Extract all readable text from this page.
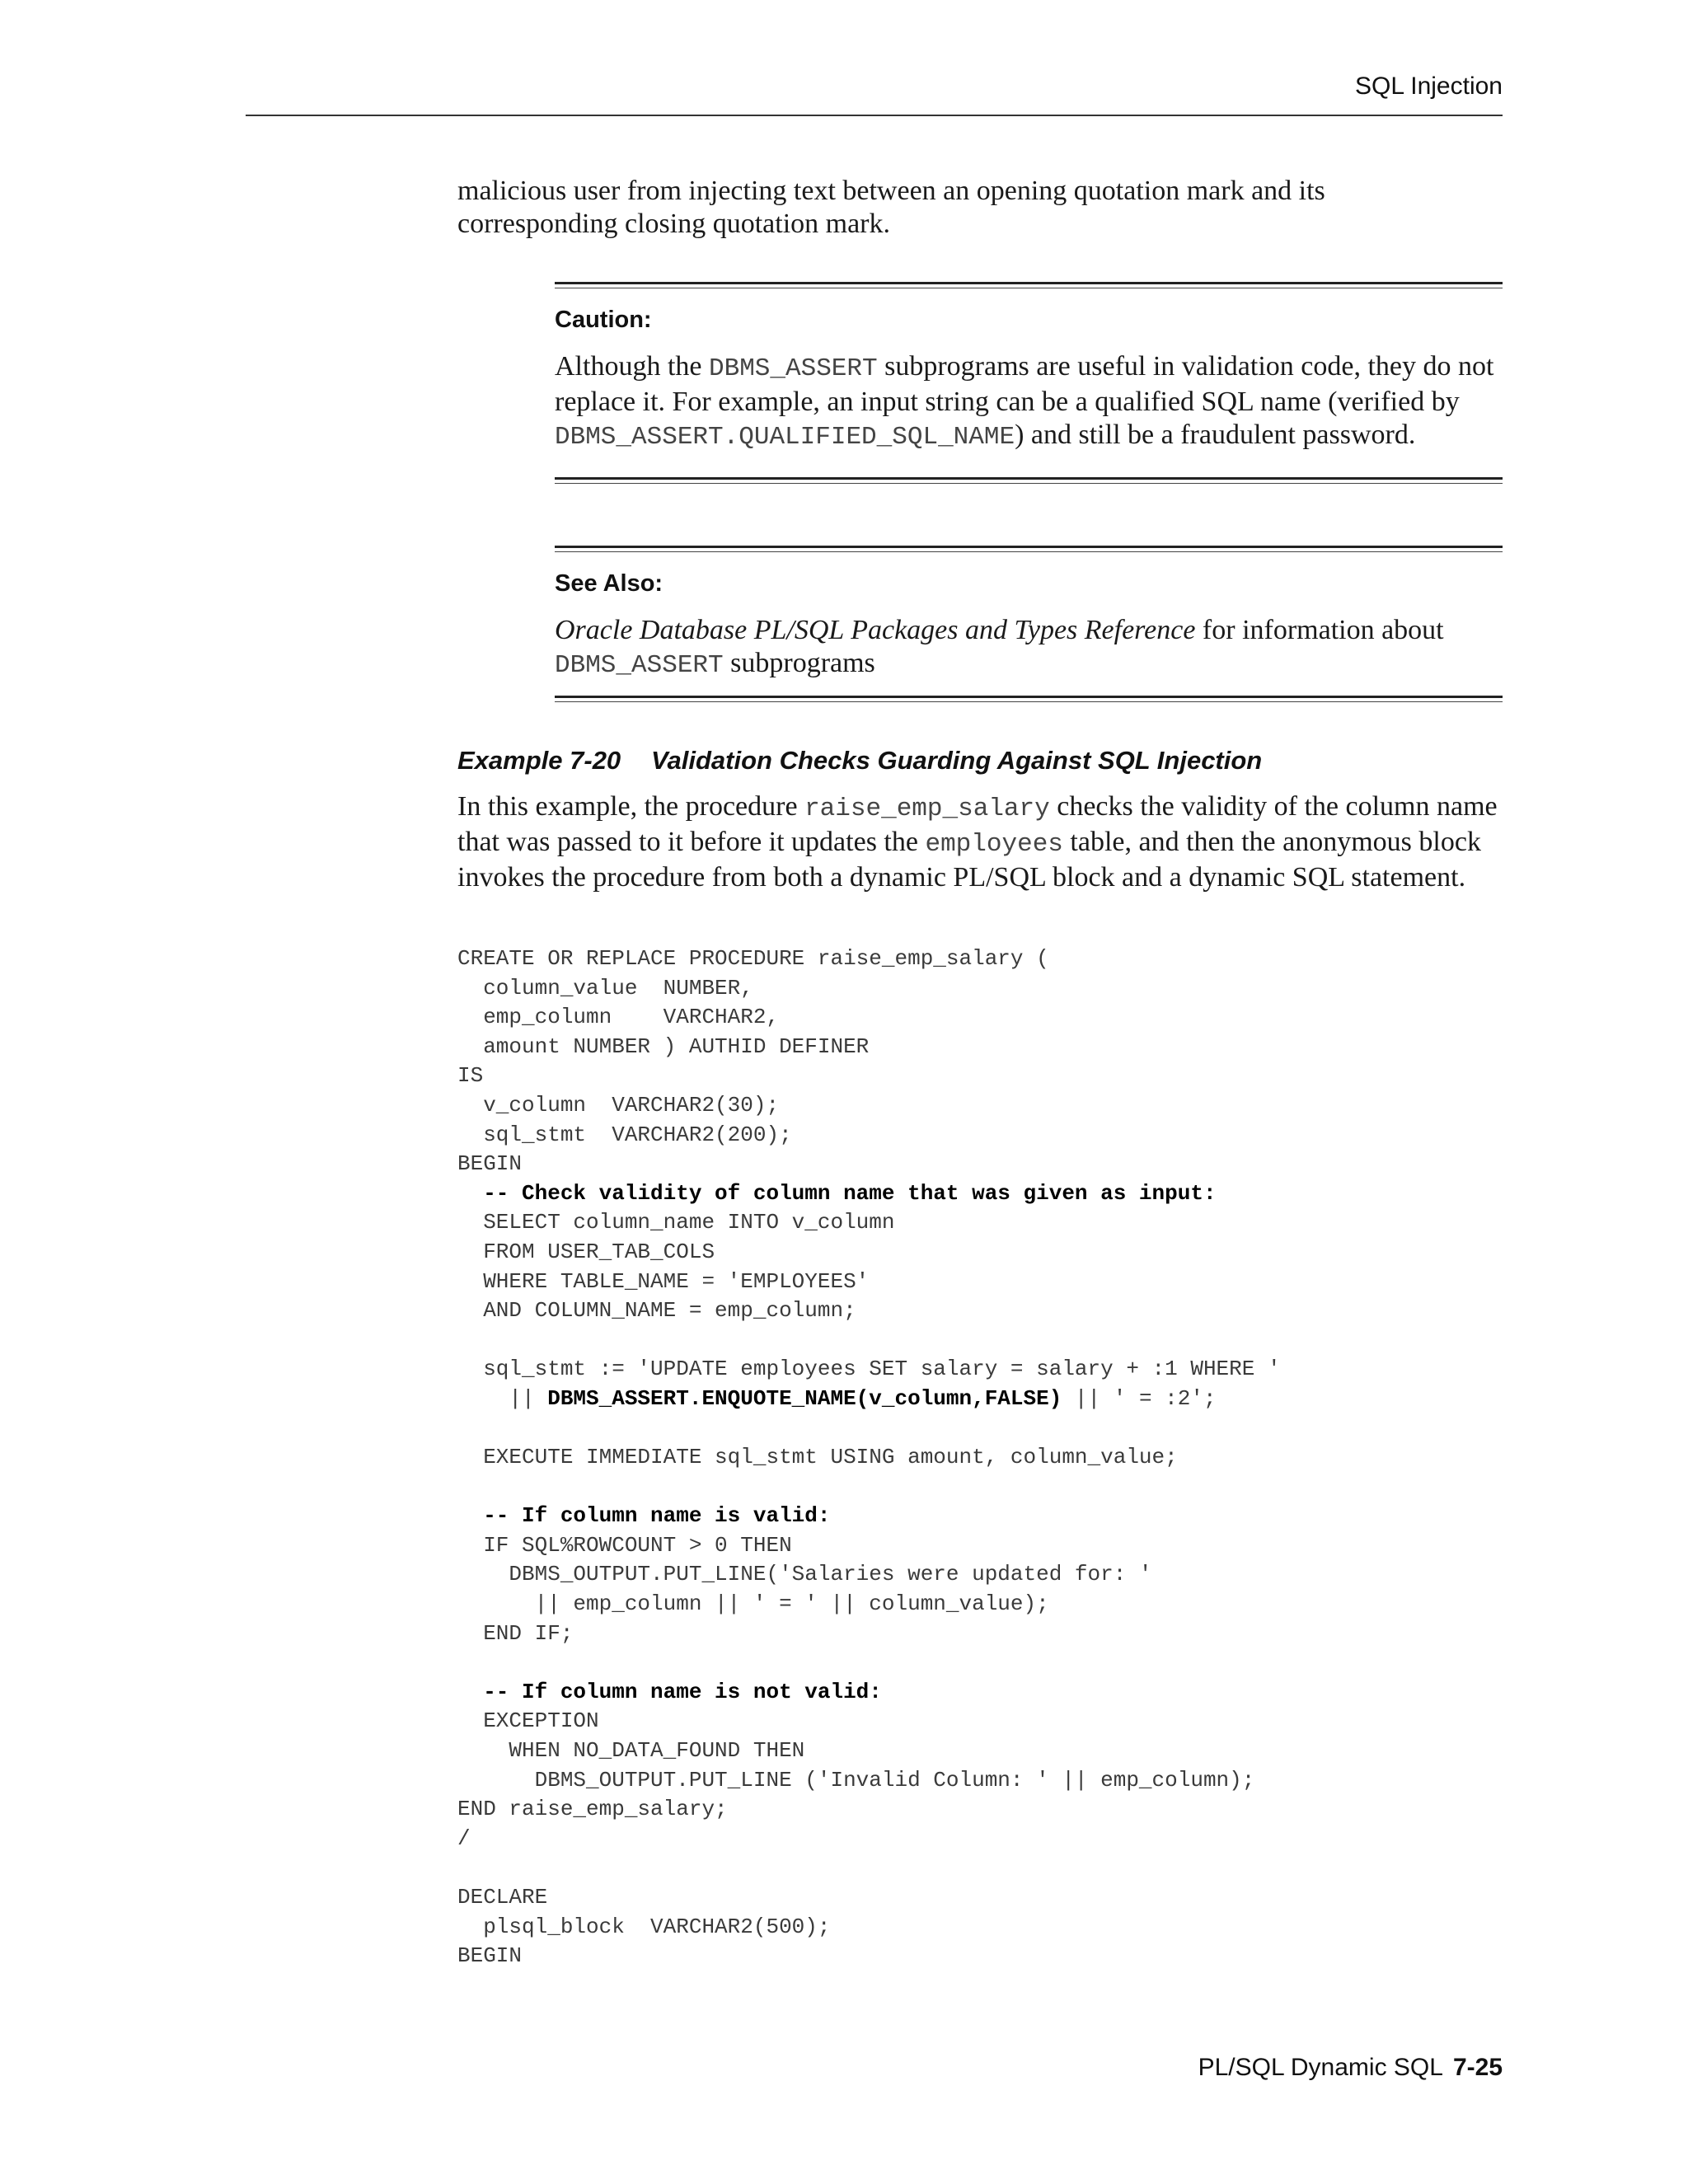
SQL Injection

malicious user from injecting text between an opening quotation mark and its

corresponding closing quotation mark.

Caution:

Although the DBMS_ASSERT subprograms are useful in validation code, they do not replace it. For example, an input string can be a qualified SQL name (verified by DBMS_ASSERT.QUALIFIED_SQL_NAME) and still be a fraudulent password.

See Also:

Oracle Database PL/SQL Packages and Types Reference for information about DBMS_ASSERT subprograms

Example 7-20 Validation Checks Guarding Against SQL Injection

In this example, the procedure raise_emp_salary checks the validity of the column name that was passed to it before it updates the employees table, and then the anonymous block invokes the procedure from both a dynamic PL/SQL block and a dynamic SQL statement.

CREATE OR REPLACE PROCEDURE raise_emp_salary (
column_value  NUMBER,
emp_column    VARCHAR2,
amount NUMBER ) AUTHID DEFINER
IS
v_column  VARCHAR2(30);
sql_stmt  VARCHAR2(200);
BEGIN
-- Check validity of column name that was given as input:
SELECT column_name INTO v_column
FROM USER_TAB_COLS
WHERE TABLE_NAME = 'EMPLOYEES'
AND COLUMN_NAME = emp_column;

sql_stmt := 'UPDATE employees SET salary = salary + :1 WHERE '
|| DBMS_ASSERT.ENQUOTE_NAME(v_column,FALSE) || ' = :2';

EXECUTE IMMEDIATE sql_stmt USING amount, column_value;

-- If column name is valid:
IF SQL%ROWCOUNT > 0 THEN
DBMS_OUTPUT.PUT_LINE('Salaries were updated for: '
|| emp_column || ' = ' || column_value);
END IF;

-- If column name is not valid:
EXCEPTION
WHEN NO_DATA_FOUND THEN
DBMS_OUTPUT.PUT_LINE ('Invalid Column: ' || emp_column);
END raise_emp_salary;
/

DECLARE
plsql_block  VARCHAR2(500);
BEGIN
PL/SQL Dynamic SQL 7-25
